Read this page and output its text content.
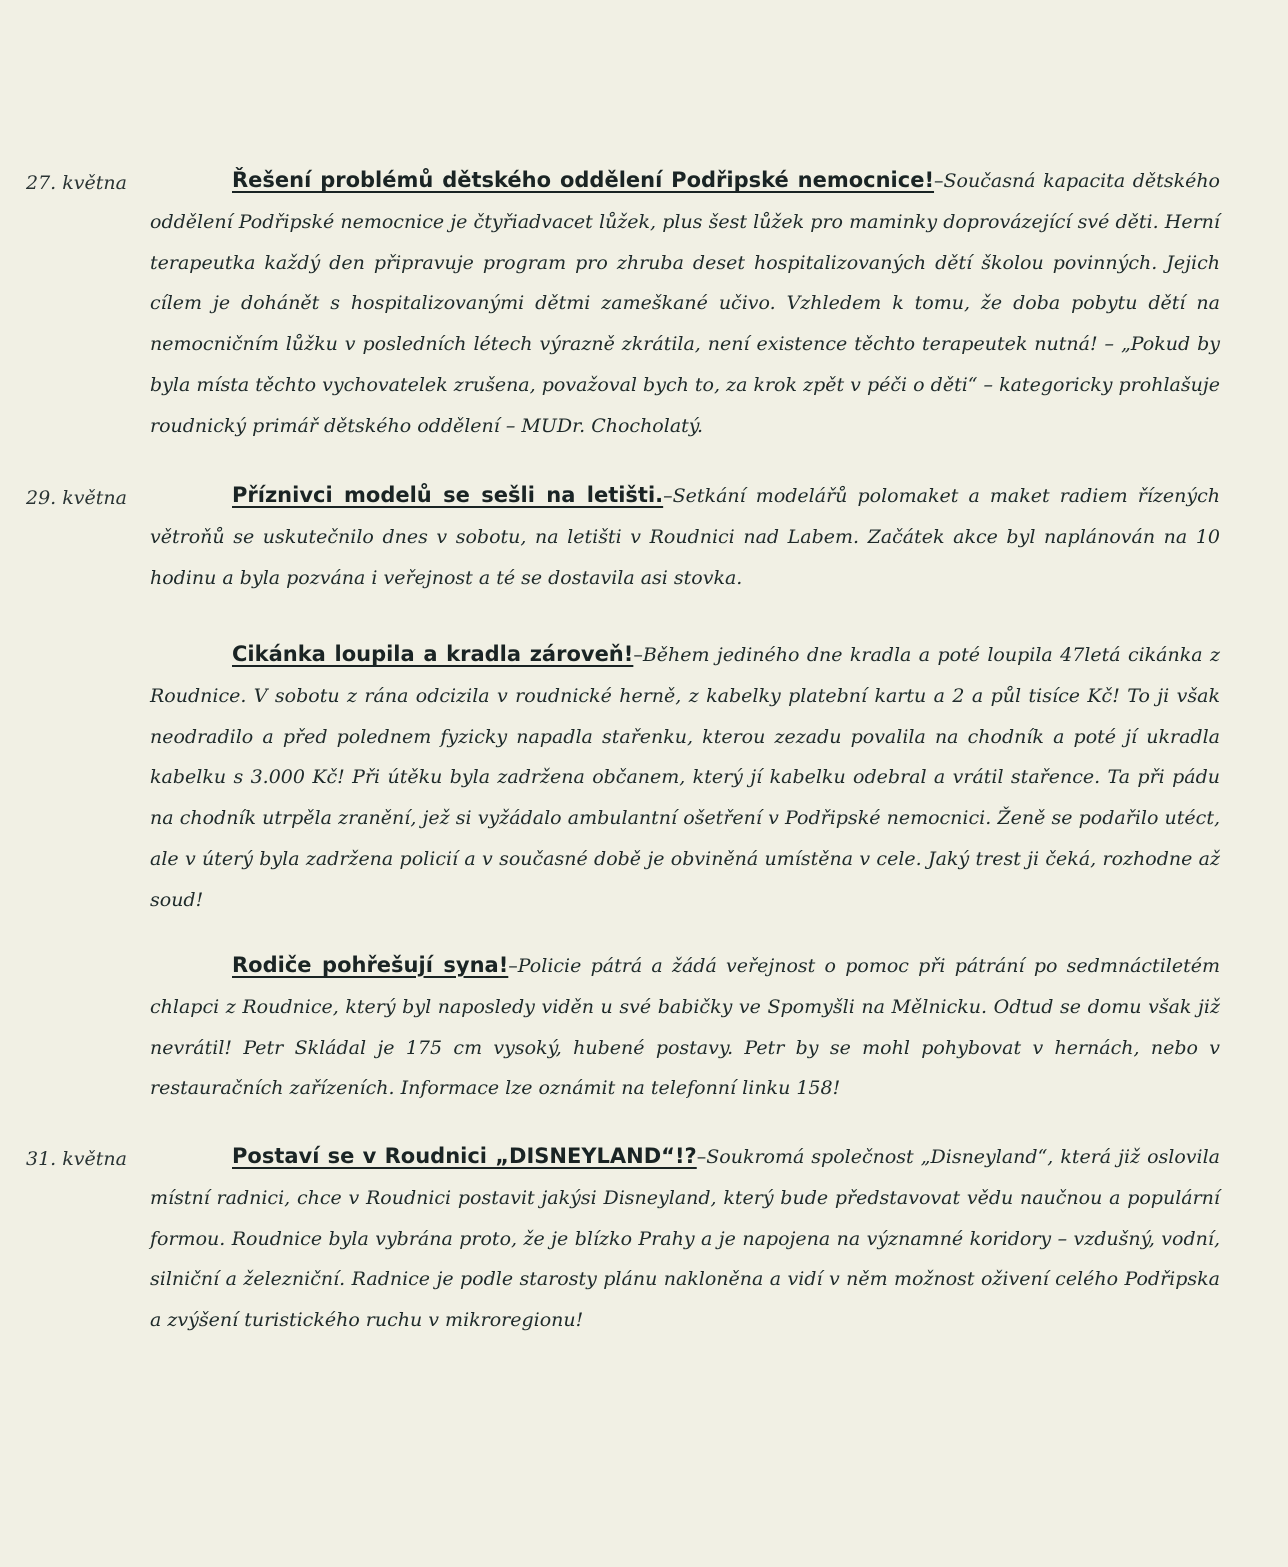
27. května	Řešení problémů dětského oddělení Podřipské nemocnice!–Současná kapacita dětského oddělení Podřipské nemocnice je čtyřiadvacet lůžek, plus šest lůžek pro maminky doprovázející své děti. Herní terapeutka každý den připravuje program pro zhruba deset hospitalizovaných dětí školou povinných. Jejich cílem je dohánět s hospitalizovanými dětmi zameškané učivo. Vzhledem k tomu, že doba pobytu dětí na nemocničním lůžku v posledních létech výrazně zkrátila, není existence těchto terapeutek nutná! – „Pokud by byla místa těchto vychovatelek zrušena, považoval bych to, za krok zpět v péči o děti“ – kategoricky prohlašuje roudnický primář dětského oddělení – MUDr. Chocholatý.
29. května	Příznivci modelů se sešli na letišti.–Setkání modelářů polomaket a maket radiem řízených větroňů se uskutečnilo dnes v sobotu, na letišti v Roudnici nad Labem. Začátek akce byl naplánován na 10 hodinu a byla pozvána i veřejnost a té se dostavila asi stovka.
Cikánka loupila a kradla zároveň!–Během jediného dne kradla a poté loupila 47letá cikánka z Roudnice. V sobotu z rána odcizila v roudnické herně, z kabelky platební kartu a 2 a půl tisíce Kč! To ji však neodradilo a před polednem fyzicky napadla stařenku, kterou zezadu povalila na chodník a poté jí ukradla kabelku s 3.000 Kč! Při útěku byla zadržena občanem, který jí kabelku odebral a vrátil stařence. Ta při pádu na chodník utrpěla zranění, jež si vyžádalo ambulantní ošetření v Podřipské nemocnici. Ženě se podařilo utéct, ale v úterý byla zadržena policií a v současné době je obviněná umístěna v cele. Jaký trest ji čeká, rozhodne až soud!
Rodiče pohřešují syna!–Policie pátrá a žádá veřejnost o pomoc při pátrání po sedmnáctiletém chlapci z Roudnice, který byl naposledy viděn u své babičky ve Spomyšli na Mělnicku. Odtud se domu však již nevrátil! Petr Skládal je 175 cm vysoký, hubené postavy. Petr by se mohl pohybovat v hernách, nebo v restauračních zařízeních. Informace lze oznámit na telefonní linku 158!
31. května	Postaví se v Roudnici „DISNEYLAND“!?–Soukromá společnost „Disneyland“, která již oslovila místní radnici, chce v Roudnici postavit jakýsi Disneyland, který bude představovat vědu naučnou a populární formou. Roudnice byla vybrána proto, že je blízko Prahy a je napojena na významné koridory – vzdušný, vodní, silniční a železniční. Radnice je podle starosty plánu nakloněna a vidí v něm možnost oživení celého Podřipska a zvýšení turistického ruchu v mikroregionu!
